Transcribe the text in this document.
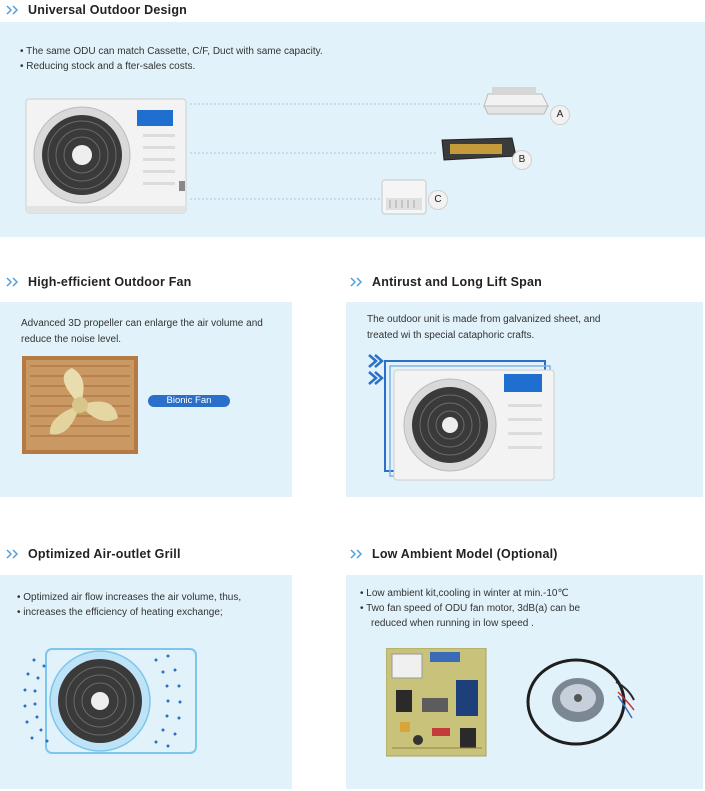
Universal Outdoor Design
• The same ODU can match Cassette, C/F, Duct with same capacity.
• Reducing stock and a fter-sales costs.
A
B
C
High-efficient Outdoor Fan
Advanced 3D propeller can enlarge the air volume and
reduce the noise level.
Bionic Fan
Antirust and Long Lift Span
The outdoor unit is made from galvanized sheet, and
treated wi th special cataphoric crafts.
Optimized Air-outlet Grill
• Optimized air flow increases the air volume, thus,
• increases the efficiency of heating exchange;
Low Ambient Model (Optional)
• Low ambient kit,cooling in winter at min.-10℃
• Two fan speed of ODU fan motor, 3dB(a) can be
reduced when running in low speed .
